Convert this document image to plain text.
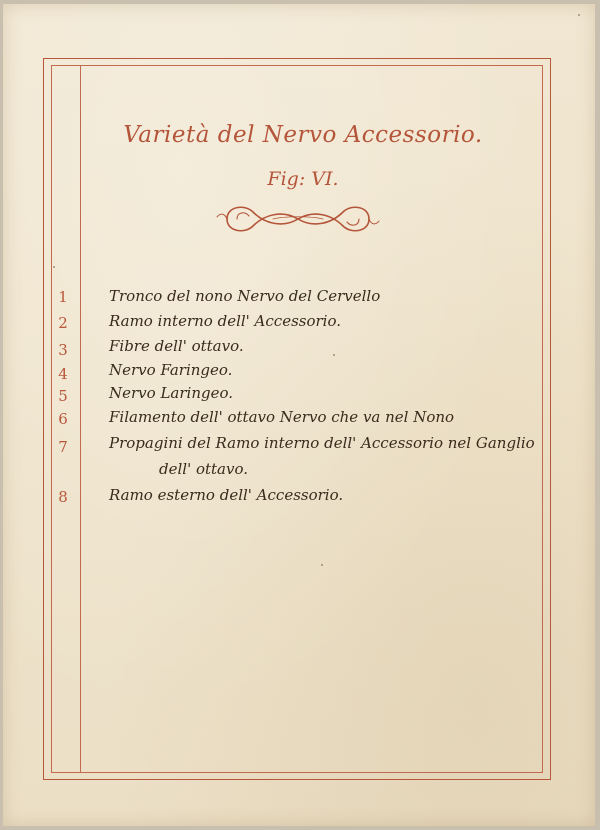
Varietà del Nervo Accessorio.
Fig: VI.
1	Tronco del nono Nervo del Cervello
2	Ramo interno dell' Accessorio.
3	Fibre dell' ottavo.
4	Nervo Faringeo.
5	Nervo Laringeo.
6	Filamento dell' ottavo Nervo che va nel Nono
7	Propagini del Ramo interno dell' Accessorio nel Ganglio
dell' ottavo.
8	Ramo esterno dell' Accessorio.
